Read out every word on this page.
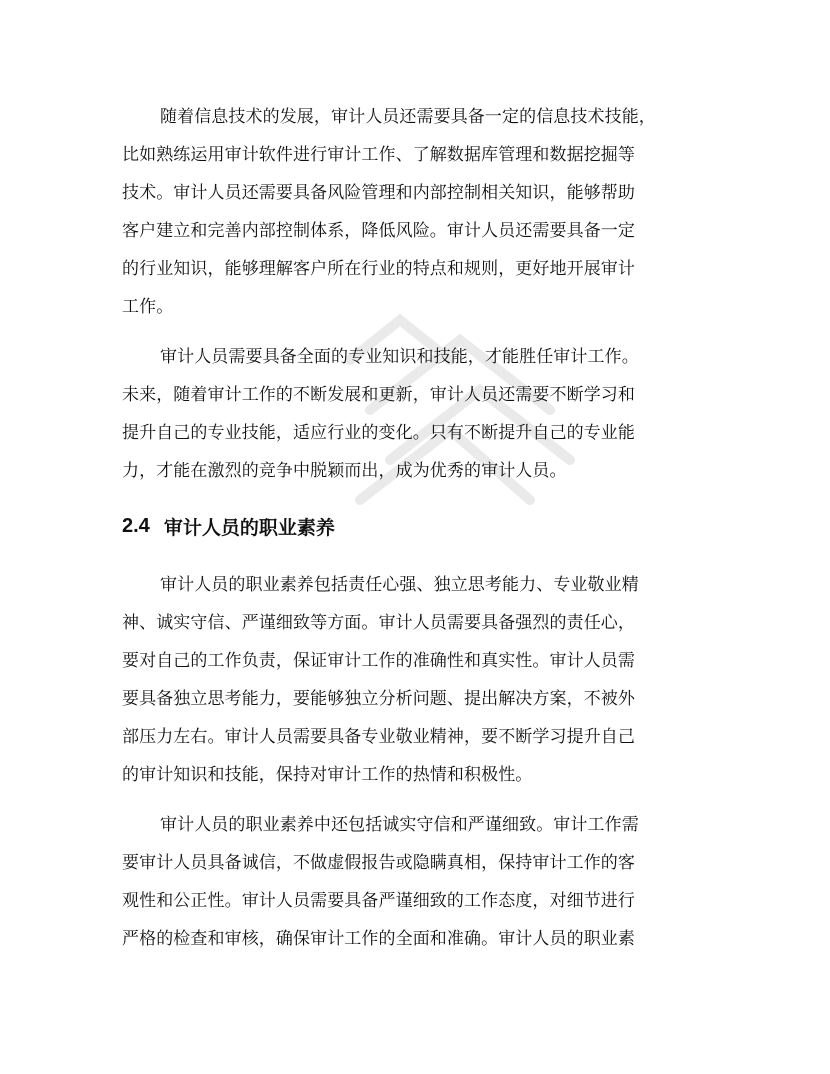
随着信息技术的发展，审计人员还需要具备一定的信息技术技能，
比如熟练运用审计软件进行审计工作、了解数据库管理和数据挖掘等
技术。审计人员还需要具备风险管理和内部控制相关知识，能够帮助
客户建立和完善内部控制体系，降低风险。审计人员还需要具备一定
的行业知识，能够理解客户所在行业的特点和规则，更好地开展审计
工作。

审计人员需要具备全面的专业知识和技能，才能胜任审计工作。
未来，随着审计工作的不断发展和更新，审计人员还需要不断学习和
提升自己的专业技能，适应行业的变化。只有不断提升自己的专业能
力，才能在激烈的竞争中脱颖而出，成为优秀的审计人员。

2.4 审计人员的职业素养

审计人员的职业素养包括责任心强、独立思考能力、专业敬业精
神、诚实守信、严谨细致等方面。审计人员需要具备强烈的责任心，
要对自己的工作负责，保证审计工作的准确性和真实性。审计人员需
要具备独立思考能力，要能够独立分析问题、提出解决方案，不被外
部压力左右。审计人员需要具备专业敬业精神，要不断学习提升自己
的审计知识和技能，保持对审计工作的热情和积极性。

审计人员的职业素养中还包括诚实守信和严谨细致。审计工作需
要审计人员具备诚信，不做虚假报告或隐瞒真相，保持审计工作的客
观性和公正性。审计人员需要具备严谨细致的工作态度，对细节进行
严格的检查和审核，确保审计工作的全面和准确。审计人员的职业素
